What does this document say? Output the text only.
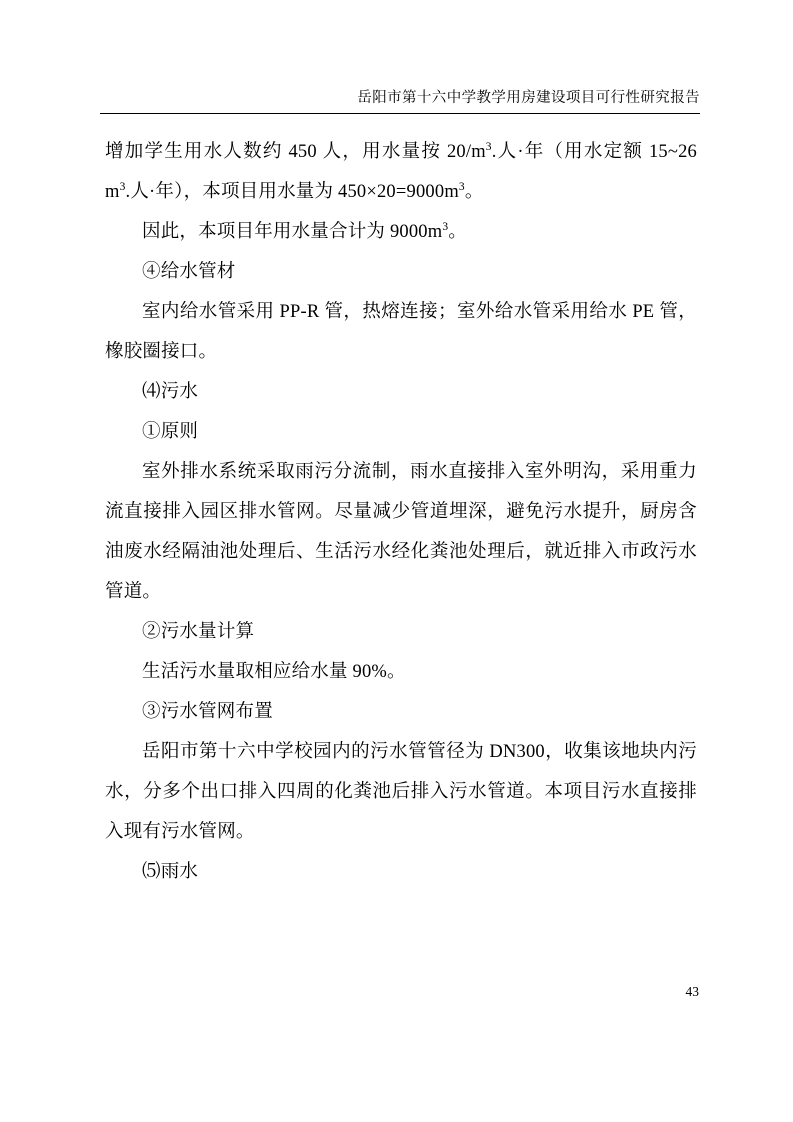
岳阳市第十六中学教学用房建设项目可行性研究报告

增加学生用水人数约 450 人，用水量按 $20/m^3$.人·年（用水定额 15~26 $m^3$.人·年），本项目用水量为 $450\times 20=9000m^3$。

因此，本项目年用水量合计为 $9000m^3$。

④给水管材

室内给水管采用 PP-R 管，热熔连接；室外给水管采用给水 PE 管，橡胶圈接口。

⑷污水

①原则

室外排水系统采取雨污分流制，雨水直接排入室外明沟，采用重力流直接排入园区排水管网。尽量减少管道埋深，避免污水提升，厨房含油废水经隔油池处理后、生活污水经化粪池处理后，就近排入市政污水管道。

②污水量计算

生活污水量取相应给水量 90%。

③污水管网布置

岳阳市第十六中学校园内的污水管管径为 DN300，收集该地块内污水，分多个出口排入四周的化粪池后排入污水管道。本项目污水直接排入现有污水管网。

⑸雨水

43
